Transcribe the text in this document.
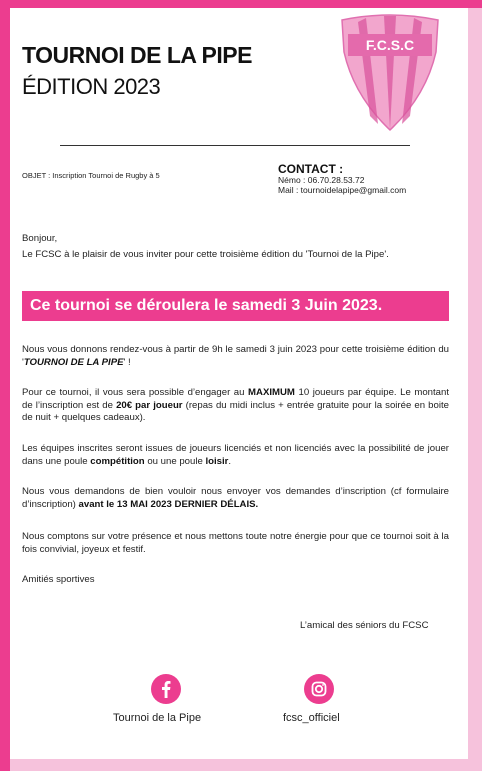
TOURNOI DE LA PIPE
ÉDITION 2023
F.C.S.C
OBJET : Inscription Tournoi de Rugby à 5	CONTACT :
Némo : 06.70.28.53.72
Mail : tournoidelapipe@gmail.com
Bonjour,
Le FCSC à le plaisir de vous inviter pour cette troisième édition du 'Tournoi de la Pipe'.
Ce tournoi se déroulera le samedi 3 Juin 2023.
Nous vous donnons rendez-vous à partir de 9h le samedi 3 juin 2023 pour cette troisième édition du 'TOURNOI DE LA PIPE' !
Pour ce tournoi, il vous sera possible d’engager au MAXIMUM 10 joueurs par équipe. Le montant de l’inscription est de 20€ par joueur (repas du midi inclus + entrée gratuite pour la soirée en boite de nuit + quelques cadeaux).
Les équipes inscrites seront issues de joueurs licenciés et non licenciés avec la possibilité de jouer dans une poule compétition ou une poule loisir.
Nous vous demandons de bien vouloir nous envoyer vos demandes d’inscription (cf formulaire d’inscription) avant le 13 MAI 2023 DERNIER DÉLAIS.
Nous comptons sur votre présence et nous mettons toute notre énergie pour que ce tournoi soit à la fois convivial, joyeux et festif.
Amitiés sportives
L’amical des séniors du FCSC
Tournoi de la Pipe	fcsc_officiel
